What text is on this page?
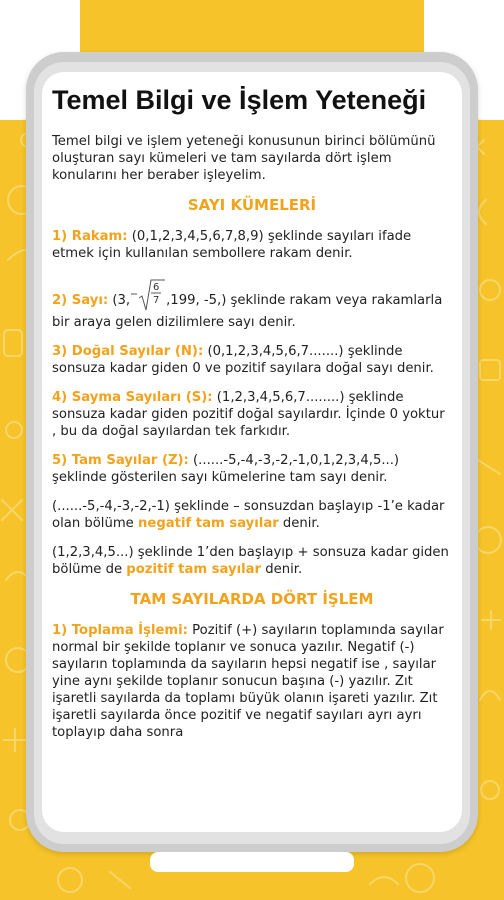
Temel Bilgi ve İşlem Yeteneği

Temel bilgi ve işlem yeteneği konusunun birinci bölümünü oluşturan sayı kümeleri ve tam sayılarda dört işlem konularını her beraber işleyelim.

SAYI KÜMELERİ

1) Rakam: (0,1,2,3,4,5,6,7,8,9) şeklinde sayıları ifade etmek için kullanılan sembollere rakam denir.

2) Sayı: (3,
6
7 ,199, -5,) şeklinde rakam veya rakamlarla bir araya gelen dizilimlere sayı denir.

3) Doğal Sayılar (N): (0,1,2,3,4,5,6,7.......) şeklinde sonsuza kadar giden 0 ve pozitif sayılara doğal sayı denir.

4) Sayma Sayıları (S): (1,2,3,4,5,6,7........) şeklinde sonsuza kadar giden pozitif doğal sayılardır. İçinde 0 yoktur , bu da doğal sayılardan tek farkıdır.

5) Tam Sayılar (Z): (......-5,-4,-3,-2,-1,0,1,2,3,4,5...) şeklinde gösterilen sayı kümelerine tam sayı denir.

(......-5,-4,-3,-2,-1) şeklinde – sonsuzdan başlayıp -1’e kadar olan bölüme negatif tam sayılar denir.

(1,2,3,4,5...) şeklinde 1’den başlayıp + sonsuza kadar giden bölüme de pozitif tam sayılar denir.

TAM SAYILARDA DÖRT İŞLEM

1) Toplama İşlemi: Pozitif (+) sayıların toplamında sayılar normal bir şekilde toplanır ve sonuca yazılır. Negatif (-) sayıların toplamında da sayıların hepsi negatif ise , sayılar yine aynı şekilde toplanır sonucun başına (-) yazılır. Zıt işaretli sayılarda da toplamı büyük olanın işareti yazılır. Zıt işaretli sayılarda önce pozitif ve negatif sayıları ayrı ayrı toplayıp daha sonra
